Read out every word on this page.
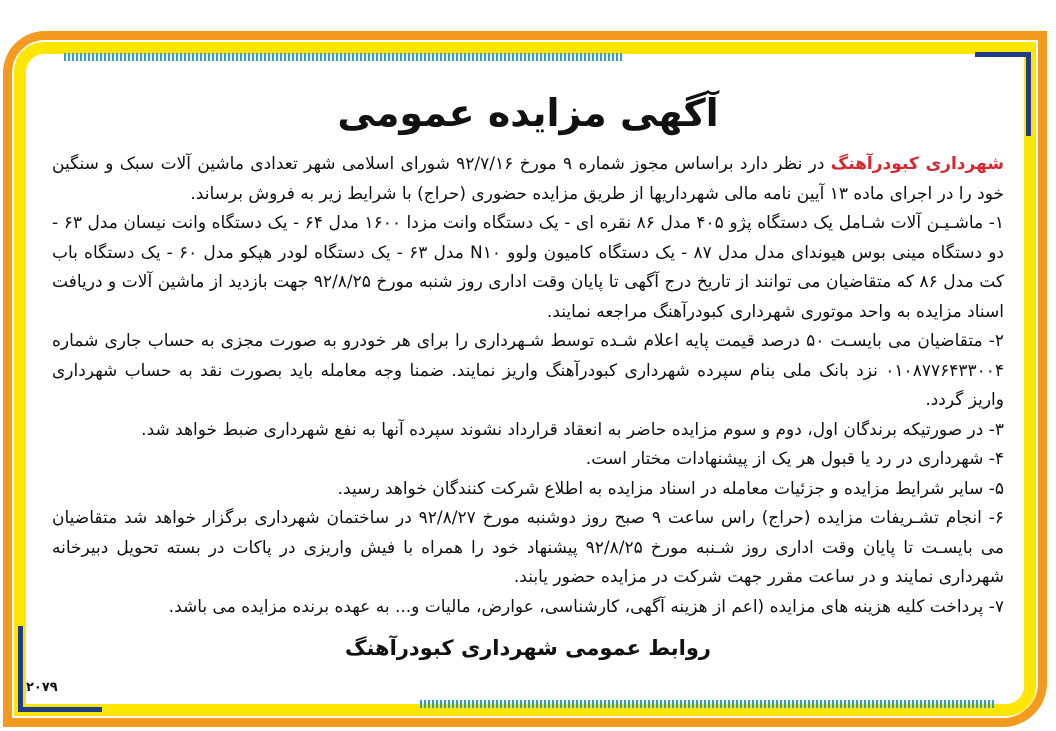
آگهی مزایده عمومی

شهرداری کبودرآهنگ در نظر دارد براساس مجوز شماره ۹ مورخ ۹۲/۷/۱۶ شورای اسلامی شهر تعدادی ماشین آلات سبک و سنگین خود را در اجرای ماده ۱۳ آیین نامه مالی شهرداریها از طریق مزایده حضوری (حراج) با شرایط زیر به فروش برساند.

۱- ماشـیـن آلات شـامل یک دستگاه پژو ۴۰۵ مدل ۸۶ نقره ای - یک دستگاه وانت مزدا ۱۶۰۰ مدل ۶۴ - یک دستگاه وانت نیسان مدل ۶۳ - دو دستگاه مینی بوس هیوندای مدل مدل ۸۷ - یک دستگاه کامیون ولوو N۱۰ مدل ۶۳ - یک دستگاه لودر هپکو مدل ۶۰ - یک دستگاه باب کت مدل ۸۶ که متقاضیان می توانند از تاریخ درج آگهی تا پایان وقت اداری روز شنبه مورخ ۹۲/۸/۲۵ جهت بازدید از ماشین آلات و دریافت اسناد مزایده به واحد موتوری شهرداری کبودرآهنگ مراجعه نمایند.

۲- متقاضیان می بایسـت ۵۰ درصد قیمت پایه اعلام شـده توسط شـهرداری را برای هر خودرو به صورت مجزی به حساب جاری شماره ۰۱۰۸۷۷۶۴۳۳۰۰۴ نزد بانک ملی بنام سپرده شهرداری کبودرآهنگ واریز نمایند. ضمنا وجه معامله باید بصورت نقد به حساب شهرداری واریز گردد.

۳- در صورتیکه برندگان اول، دوم و سوم مزایده حاضر به انعقاد قرارداد نشوند سپرده آنها به نفع شهرداری ضبط خواهد شد.

۴- شهرداری در رد یا قبول هر یک از پیشنهادات مختار است.

۵- سایر شرایط مزایده و جزئیات معامله در اسناد مزایده به اطلاع شرکت کنندگان خواهد رسید.

۶- انجام تشـریفات مزایده (حراج) راس ساعت ۹ صبح روز دوشنبه مورخ ۹۲/۸/۲۷ در ساختمان شهرداری برگزار خواهد شد متقاضیان می بایسـت تا پایان وقت اداری روز شـنبه مورخ ۹۲/۸/۲۵ پیشنهاد خود را همراه با فیش واریزی در پاکات در بسته تحویل دبیرخانه شهرداری نمایند و در ساعت مقرر جهت شرکت در مزایده حضور یابند.

۷- پرداخت کلیه هزینه های مزایده (اعم از هزینه آگهی، کارشناسی، عوارض، مالیات و... به عهده برنده مزایده می باشد.

روابط عمومی شهرداری کبودرآهنگ
۲۰۷۹
